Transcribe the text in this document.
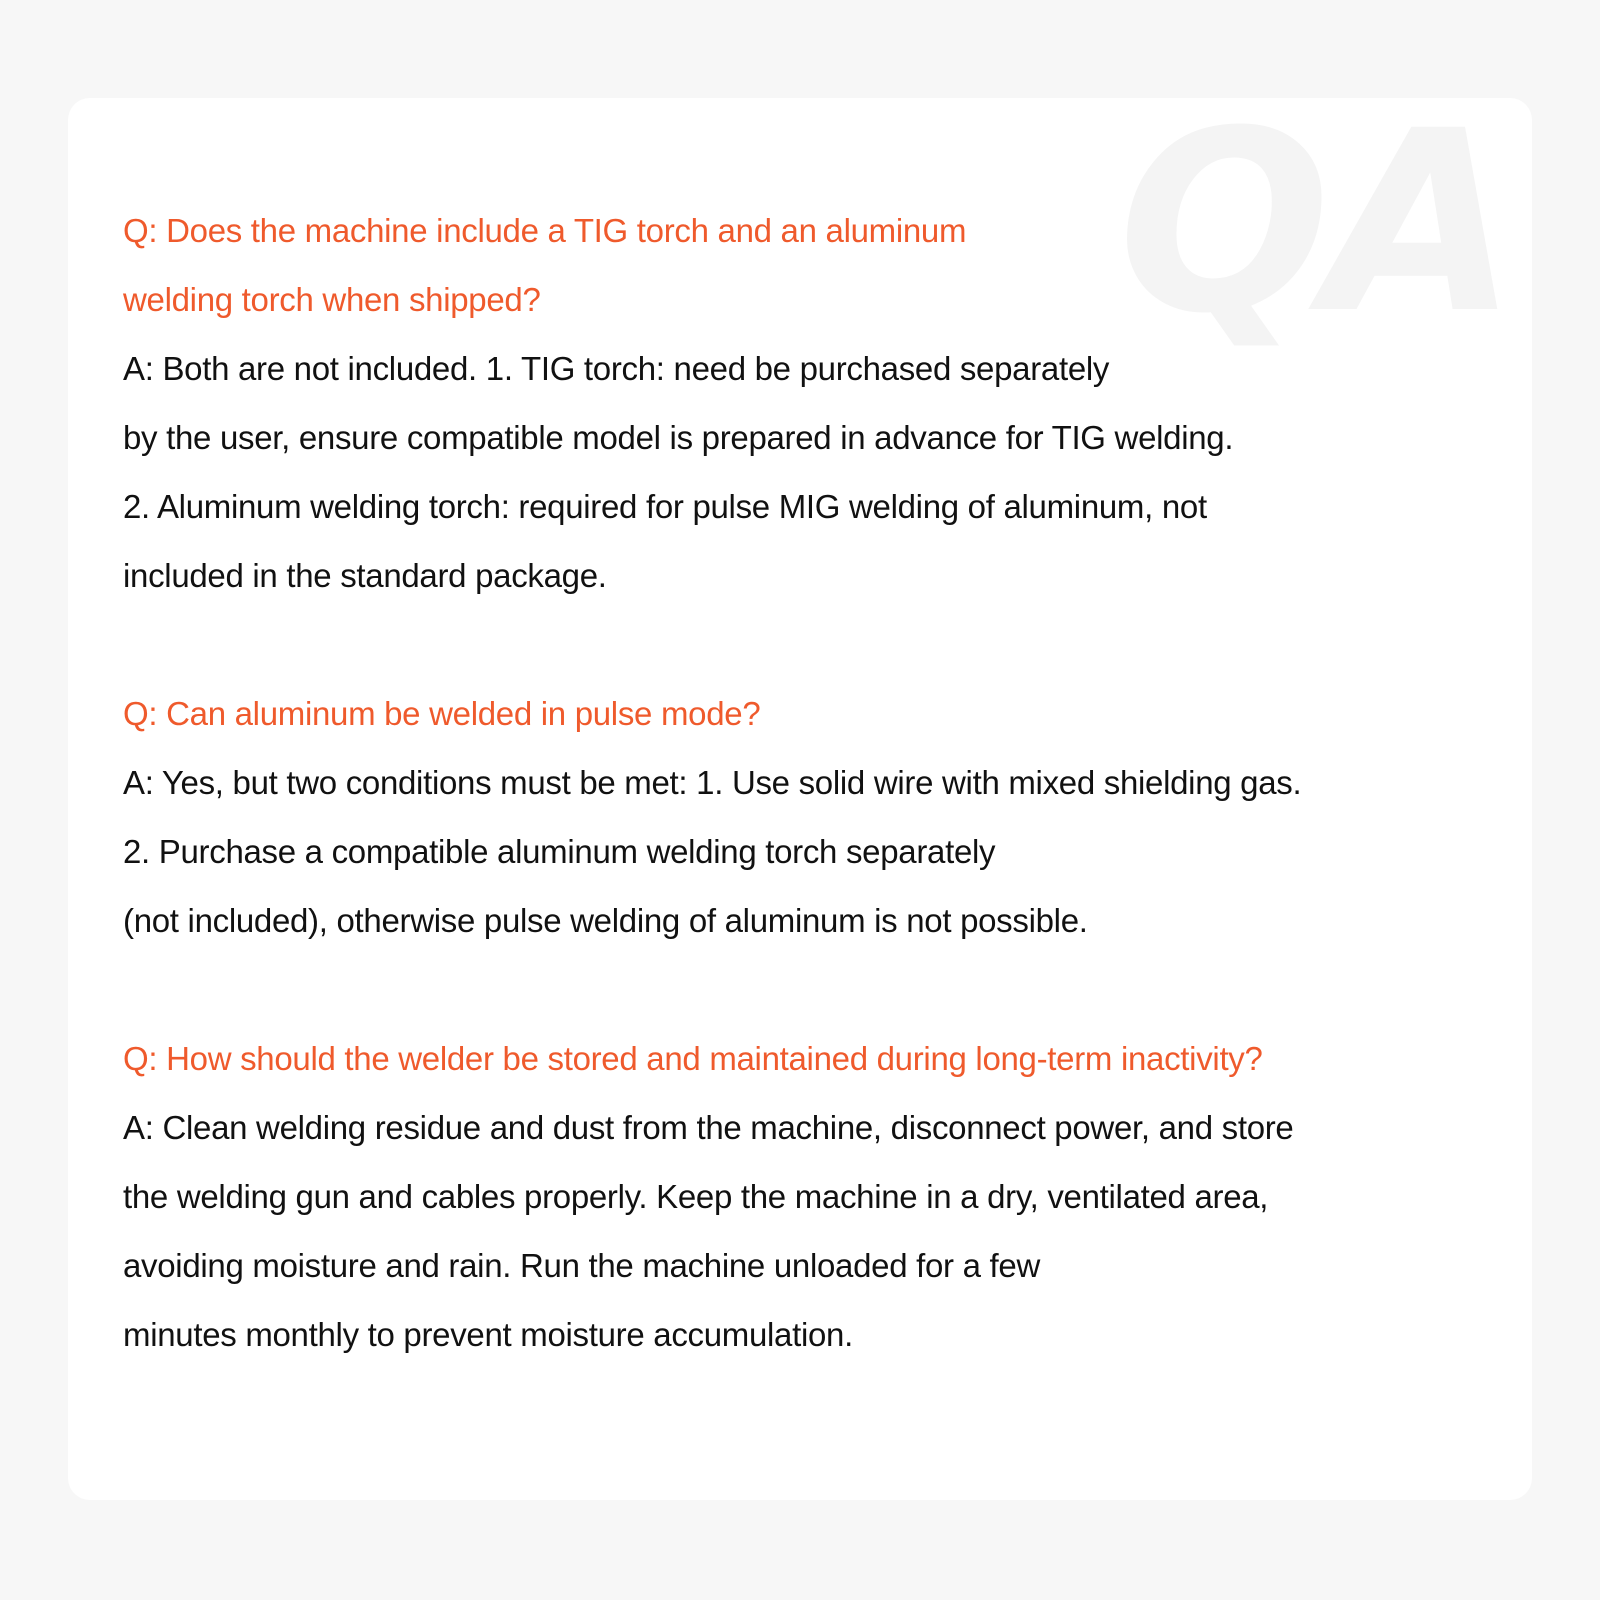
QA
Q: Does the machine include a TIG torch and an aluminum
welding torch when shipped?
A: Both are not included. 1. TIG torch: need be purchased separately
by the user, ensure compatible model is prepared in advance for TIG welding.
2. Aluminum welding torch: required for pulse MIG welding of aluminum, not
included in the standard package.
Q: Can aluminum be welded in pulse mode?
A: Yes, but two conditions must be met: 1. Use solid wire with mixed shielding gas.
2. Purchase a compatible aluminum welding torch separately
(not included), otherwise pulse welding of aluminum is not possible.
Q: How should the welder be stored and maintained during long-term inactivity?
A: Clean welding residue and dust from the machine, disconnect power, and store
the welding gun and cables properly. Keep the machine in a dry, ventilated area,
avoiding moisture and rain. Run the machine unloaded for a few
minutes monthly to prevent moisture accumulation.
